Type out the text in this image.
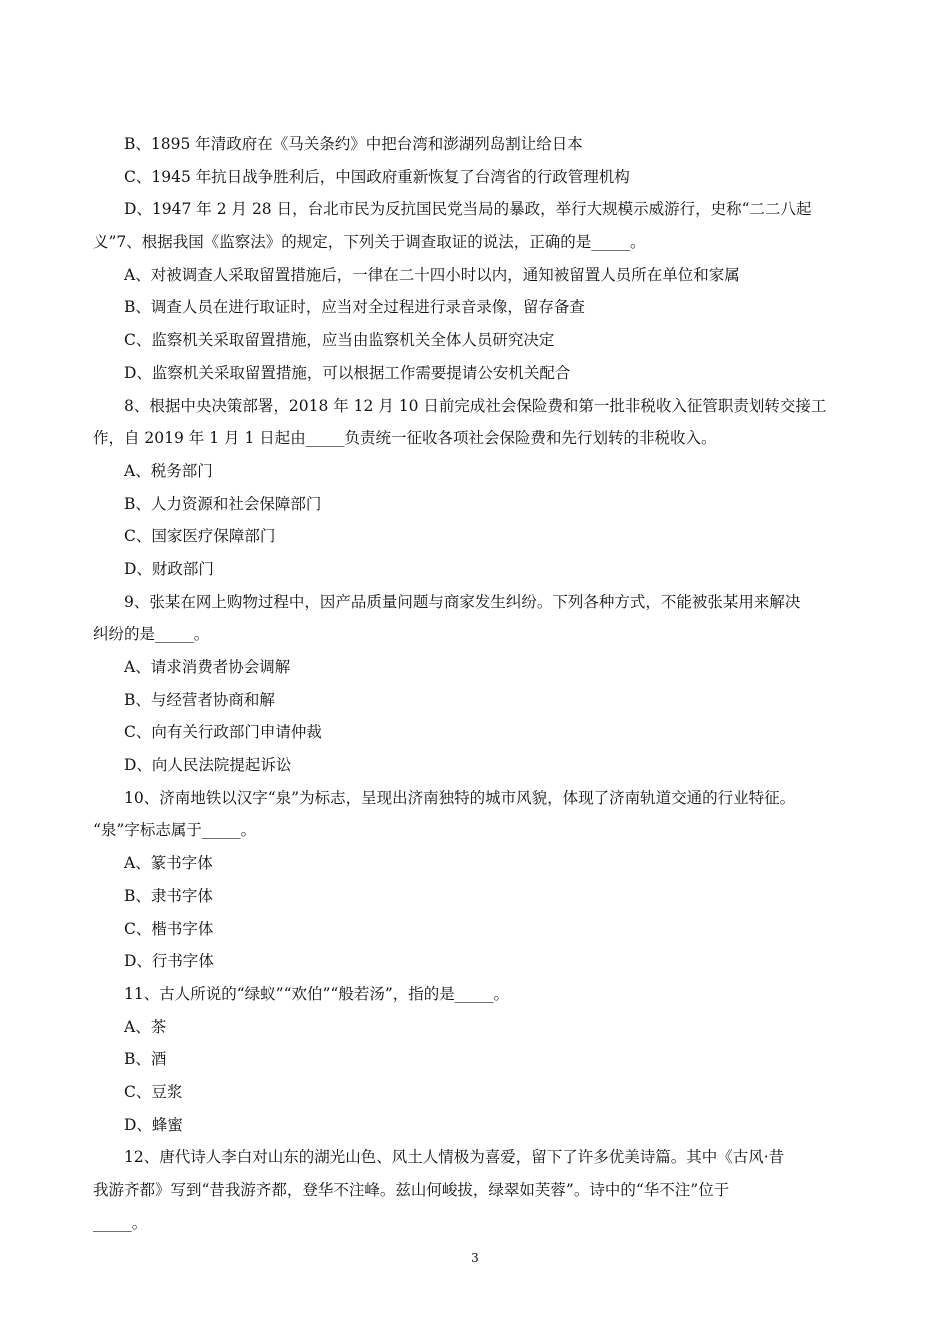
B、1895 年清政府在《马关条约》中把台湾和澎湖列岛割让给日本
C、1945 年抗日战争胜利后，中国政府重新恢复了台湾省的行政管理机构
D、1947 年 2 月 28 日，台北市民为反抗国民党当局的暴政，举行大规模示威游行，史称“二二八起
义”7、根据我国《监察法》的规定，下列关于调查取证的说法，正确的是_____。
A、对被调查人采取留置措施后，一律在二十四小时以内，通知被留置人员所在单位和家属
B、调查人员在进行取证时，应当对全过程进行录音录像，留存备查
C、监察机关采取留置措施，应当由监察机关全体人员研究决定
D、监察机关采取留置措施，可以根据工作需要提请公安机关配合
8、根据中央决策部署，2018 年 12 月 10 日前完成社会保险费和第一批非税收入征管职责划转交接工
作，自 2019 年 1 月 1 日起由_____负责统一征收各项社会保险费和先行划转的非税收入。
A、税务部门
B、人力资源和社会保障部门
C、国家医疗保障部门
D、财政部门
9、张某在网上购物过程中，因产品质量问题与商家发生纠纷。下列各种方式，不能被张某用来解决
纠纷的是_____。
A、请求消费者协会调解
B、与经营者协商和解
C、向有关行政部门申请仲裁
D、向人民法院提起诉讼
10、济南地铁以汉字“泉”为标志，呈现出济南独特的城市风貌，体现了济南轨道交通的行业特征。
“泉”字标志属于_____。
A、篆书字体
B、隶书字体
C、楷书字体
D、行书字体
11、古人所说的“绿蚁”“欢伯”“般若汤”，指的是_____。
A、茶
B、酒
C、豆浆
D、蜂蜜
12、唐代诗人李白对山东的湖光山色、风土人情极为喜爱，留下了许多优美诗篇。其中《古风·昔
我游齐都》写到“昔我游齐都，登华不注峰。兹山何峻拔，绿翠如芙蓉”。诗中的“华不注”位于
_____。
3
